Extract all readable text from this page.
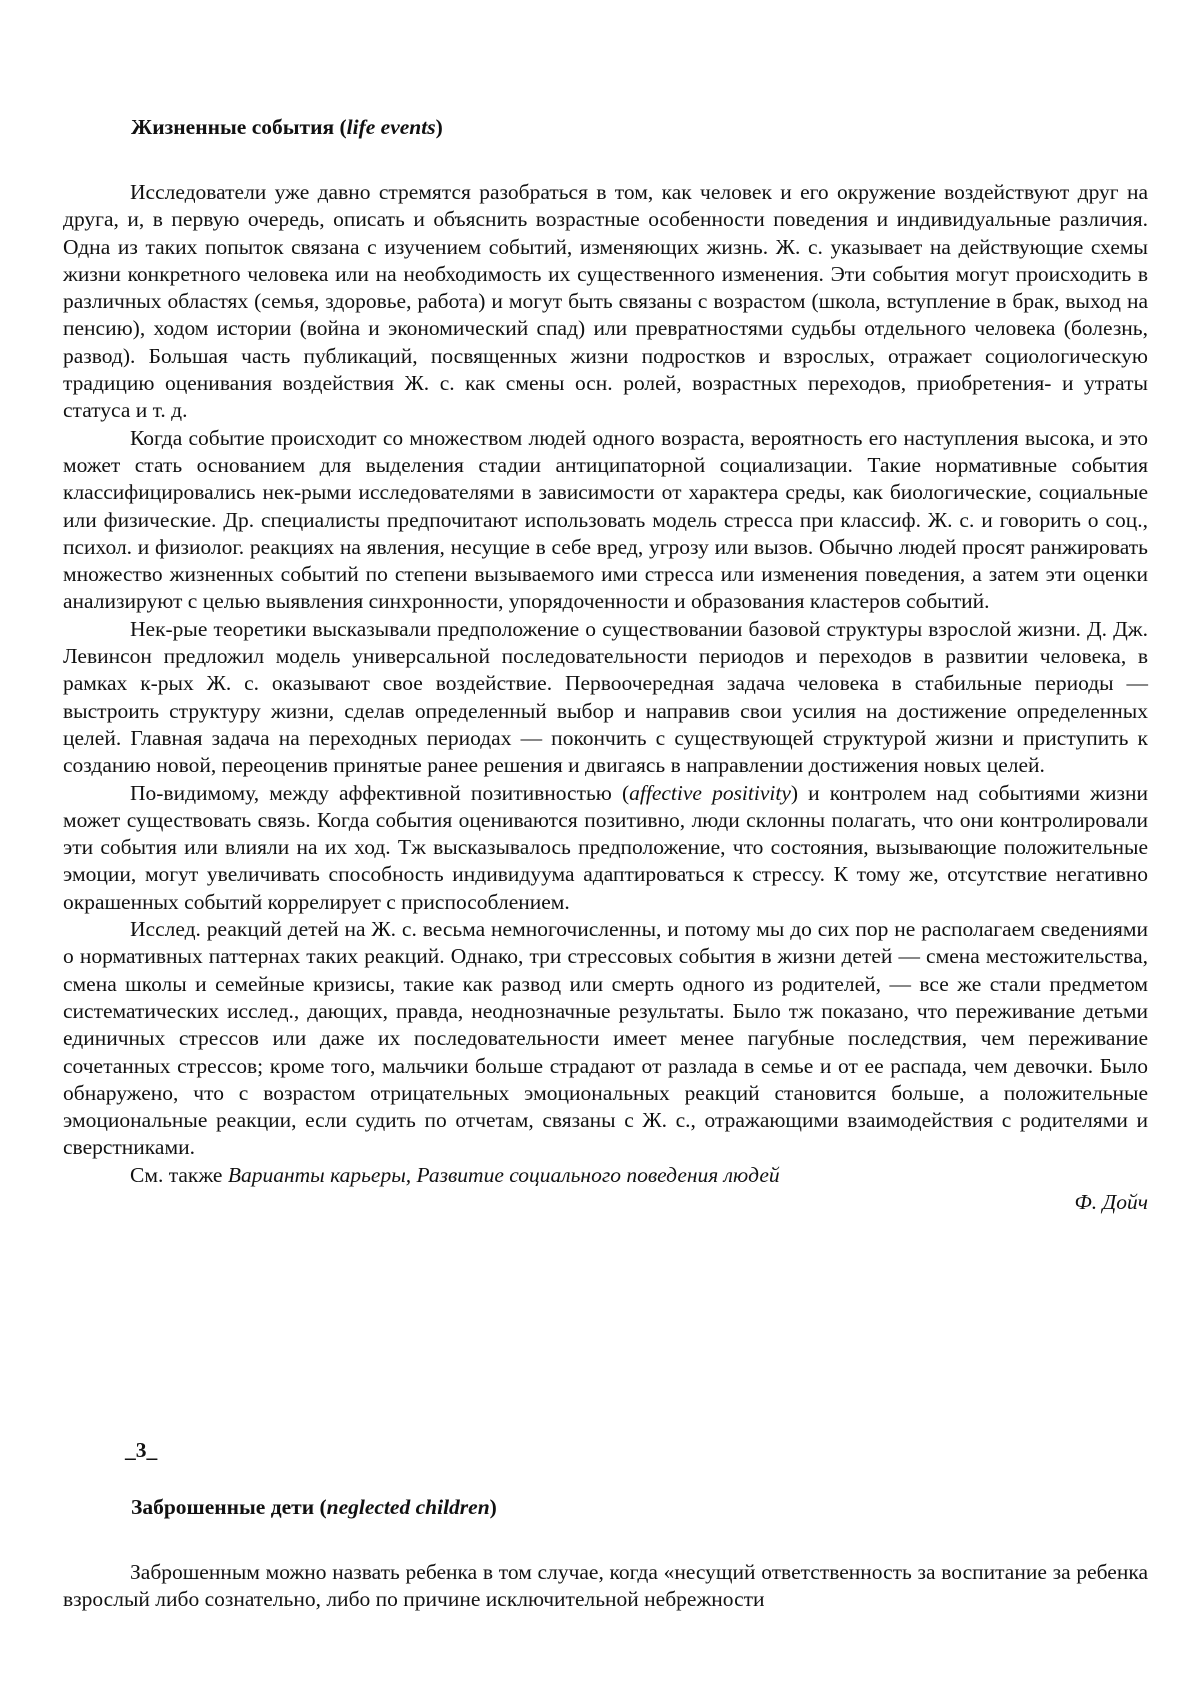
Жизненные события (life events)

Исследователи уже давно стремятся разобраться в том, как человек и его окружение воздействуют друг на друга, и, в первую очередь, описать и объяснить возрастные особенности поведения и индивидуальные различия. Одна из таких попыток связана с изучением событий, изменяющих жизнь. Ж. с. указывает на действующие схемы жизни конкретного человека или на необходимость их существенного изменения. Эти события могут происходить в различных областях (семья, здоровье, работа) и могут быть связаны с возрастом (школа, вступление в брак, выход на пенсию), ходом истории (война и экономический спад) или превратностями судьбы отдельного человека (болезнь, развод). Большая часть публикаций, посвященных жизни подростков и взрослых, отражает социологическую традицию оценивания воздействия Ж. с. как смены осн. ролей, возрастных переходов, приобретения- и утраты статуса и т. д.

Когда событие происходит со множеством людей одного возраста, вероятность его наступления высока, и это может стать основанием для выделения стадии антиципаторной социализации. Такие нормативные события классифицировались нек-рыми исследователями в зависимости от характера среды, как биологические, социальные или физические. Др. специалисты предпочитают использовать модель стресса при классиф. Ж. с. и говорить о соц., психол. и физиолог. реакциях на явления, несущие в себе вред, угрозу или вызов. Обычно людей просят ранжировать множество жизненных событий по степени вызываемого ими стресса или изменения поведения, а затем эти оценки анализируют с целью выявления синхронности, упорядоченности и образования кластеров событий.

Нек-рые теоретики высказывали предположение о существовании базовой структуры взрослой жизни. Д. Дж. Левинсон предложил модель универсальной последовательности периодов и переходов в развитии человека, в рамках к-рых Ж. с. оказывают свое воздействие. Первоочередная задача человека в стабильные периоды — выстроить структуру жизни, сделав определенный выбор и направив свои усилия на достижение определенных целей. Главная задача на переходных периодах — покончить с существующей структурой жизни и приступить к созданию новой, переоценив принятые ранее решения и двигаясь в направлении достижения новых целей.

По-видимому, между аффективной позитивностью (affective positivity) и контролем над событиями жизни может существовать связь. Когда события оцениваются позитивно, люди склонны полагать, что они контролировали эти события или влияли на их ход. Тж высказывалось предположение, что состояния, вызывающие положительные эмоции, могут увеличивать способность индивидуума адаптироваться к стрессу. К тому же, отсутствие негативно окрашенных событий коррелирует с приспособлением.

Исслед. реакций детей на Ж. с. весьма немногочисленны, и потому мы до сих пор не располагаем сведениями о нормативных паттернах таких реакций. Однако, три стрессовых события в жизни детей — смена местожительства, смена школы и семейные кризисы, такие как развод или смерть одного из родителей, — все же стали предметом систематических исслед., дающих, правда, неоднозначные результаты. Было тж показано, что переживание детьми единичных стрессов или даже их последовательности имеет менее пагубные последствия, чем переживание сочетанных стрессов; кроме того, мальчики больше страдают от разлада в семье и от ее распада, чем девочки. Было обнаружено, что с возрастом отрицательных эмоциональных реакций становится больше, а положительные эмоциональные реакции, если судить по отчетам, связаны с Ж. с., отражающими взаимодействия с родителями и сверстниками.

См. также Варианты карьеры, Развитие социального поведения людей

Ф. Дойч

_3_
Заброшенные дети (neglected children)

Заброшенным можно назвать ребенка в том случае, когда «несущий ответственность за воспитание за ребенка взрослый либо сознательно, либо по причине исключительной небрежности
